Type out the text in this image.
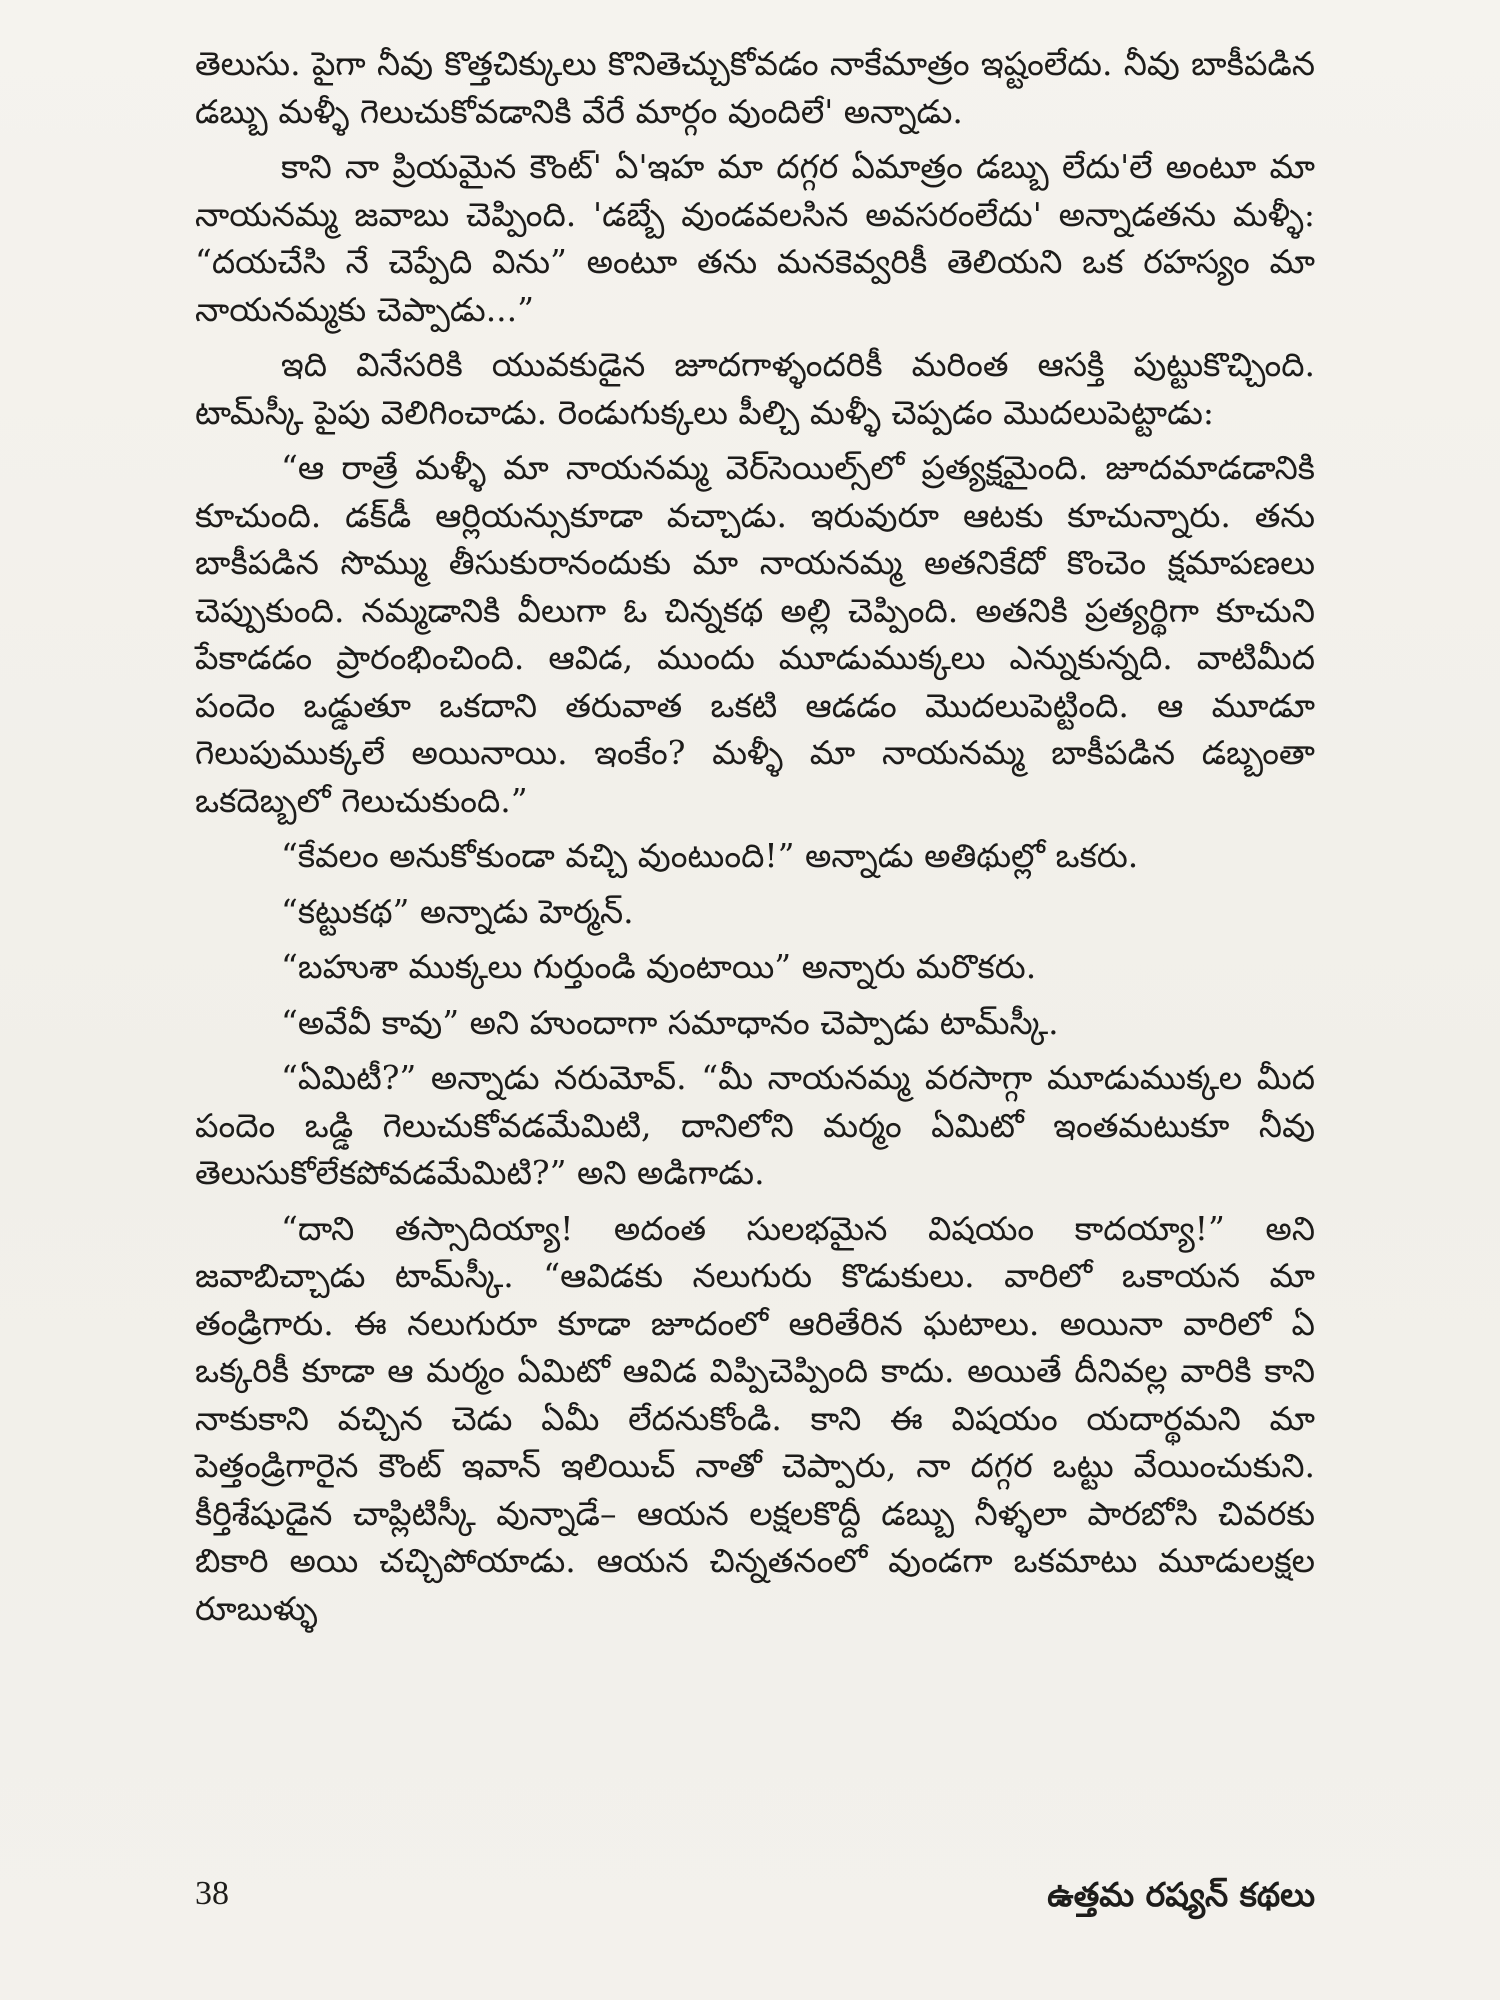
తెలుసు. పైగా నీవు కొత్తచిక్కులు కొనితెచ్చుకోవడం నాకేమాత్రం ఇష్టంలేదు. నీవు బాకీపడిన డబ్బు మళ్ళీ గెలుచుకోవడానికి వేరే మార్గం వుందిలే' అన్నాడు.

కాని నా ప్రియమైన కౌంట్‌' ఏ'ఇహ మా దగ్గర ఏమాత్రం డబ్బు లేదు'లే అంటూ మా నాయనమ్మ జవాబు చెప్పింది. 'డబ్బే వుండవలసిన అవసరంలేదు' అన్నాడతను మళ్ళీ: “దయచేసి నే చెప్పేది విను” అంటూ తను మనకెవ్వరికీ తెలియని ఒక రహస్యం మా నాయనమ్మకు చెప్పాడు...”

ఇది వినేసరికి యువకుడైన జూదగాళ్ళందరికీ మరింత ఆసక్తి పుట్టుకొచ్చింది. టామ్‌స్కీ పైపు వెలిగించాడు. రెండుగుక్కలు పీల్చి మళ్ళీ చెప్పడం మొదలుపెట్టాడు:

“ఆ రాత్రే మళ్ళీ మా నాయనమ్మ వెర్‌సెయిల్స్‌లో ప్రత్యక్షమైంది. జూదమాడడానికి కూచుంది. డక్‌డీ ఆర్లియన్సుకూడా వచ్చాడు. ఇరువురూ ఆటకు కూచున్నారు. తను బాకీపడిన సొమ్ము తీసుకురానందుకు మా నాయనమ్మ అతనికేదో కొంచెం క్షమాపణలు చెప్పుకుంది. నమ్మడానికి వీలుగా ఓ చిన్నకథ అల్లి చెప్పింది. అతనికి ప్రత్యర్థిగా కూచుని పేకాడడం ప్రారంభించింది. ఆవిడ, ముందు మూడుముక్కలు ఎన్నుకున్నది. వాటిమీద పందెం ఒడ్డుతూ ఒకదాని తరువాత ఒకటి ఆడడం మొదలుపెట్టింది. ఆ మూడూ గెలుపుముక్కలే అయినాయి. ఇంకేం? మళ్ళీ మా నాయనమ్మ బాకీపడిన డబ్బంతా ఒకదెబ్బలో గెలుచుకుంది.”

“కేవలం అనుకోకుండా వచ్చి వుంటుంది!” అన్నాడు అతిథుల్లో ఒకరు.

“కట్టుకథ” అన్నాడు హెర్మన్‌.

“బహుశా ముక్కలు గుర్తుండి వుంటాయి” అన్నారు మరొకరు.

“అవేవీ కావు” అని హుందాగా సమాధానం చెప్పాడు టామ్‌స్కీ.

“ఏమిటీ?” అన్నాడు నరుమోవ్‌. “మీ నాయనమ్మ వరసాగ్గా మూడుముక్కల మీద పందెం ఒడ్డి గెలుచుకోవడమేమిటి, దానిలోని మర్మం ఏమిటో ఇంతమటుకూ నీవు తెలుసుకోలేకపోవడమేమిటి?” అని అడిగాడు.

“దాని తస్సాదియ్యా! అదంత సులభమైన విషయం కాదయ్యా!” అని జవాబిచ్చాడు టామ్‌స్కీ. “ఆవిడకు నలుగురు కొడుకులు. వారిలో ఒకాయన మా తండ్రిగారు. ఈ నలుగురూ కూడా జూదంలో ఆరితేరిన ఘటాలు. అయినా వారిలో ఏ ఒక్కరికీ కూడా ఆ మర్మం ఏమిటో ఆవిడ విప్పిచెప్పింది కాదు. అయితే దీనివల్ల వారికి కాని నాకుకాని వచ్చిన చెడు ఏమీ లేదనుకోండి. కాని ఈ విషయం యదార్థమని మా పెత్తండ్రిగారైన కౌంట్‌ ఇవాన్‌ ఇలియిచ్‌ నాతో చెప్పారు, నా దగ్గర ఒట్టు వేయించుకుని. కీర్తిశేషుడైన చాప్లిటిస్కీ వున్నాడే– ఆయన లక్షలకొద్దీ డబ్బు నీళ్ళలా పారబోసి చివరకు బికారి అయి చచ్చిపోయాడు. ఆయన చిన్నతనంలో వుండగా ఒకమాటు మూడులక్షల రూబుళ్ళు

38	ఉత్తమ రష్యన్‌ కథలు
